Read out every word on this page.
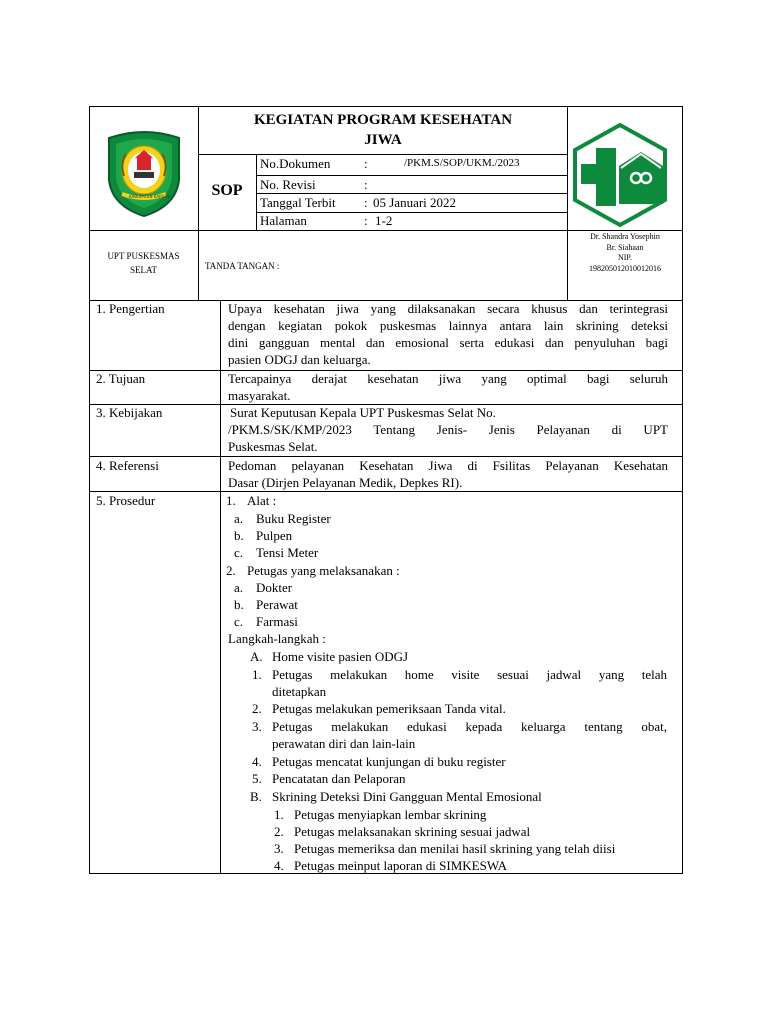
KEGIATAN PROGRAM KESEHATAN
JIWA
SOP
No.Dokumen	:	/PKM.S/SOP/UKM./2023
No. Revisi	:
Tanggal Terbit : 05 Januari 2022
Halaman	: 1-2
KABUPATEN KAPUAS
UPT PUSKESMAS
SELAT	TANDA TANGAN :
Dr. Shandra Yosephin
Br. Siahaan
NIP.
198205012010012016
1. Pengertian	Upaya kesehatan jiwa yang dilaksanakan secara khusus dan terintegrasi
dengan kegiatan pokok puskesmas lainnya antara lain skrining deteksi
dini gangguan mental dan emosional serta edukasi dan penyuluhan bagi
pasien ODGJ dan keluarga.
2. Tujuan	Tercapainya derajat kesehatan jiwa yang optimal bagi seluruh
masyarakat.
3. Kebijakan	Surat Keputusan Kepala UPT Puskesmas Selat No.
/PKM.S/SK/KMP/2023 Tentang Jenis- Jenis Pelayanan di UPT
Puskesmas Selat.
4. Referensi	Pedoman pelayanan Kesehatan Jiwa di Fsilitas Pelayanan Kesehatan
Dasar (Dirjen Pelayanan Medik, Depkes RI).
5. Prosedur	1. Alat :
a. Buku Register
b. Pulpen
c. Tensi Meter
2. Petugas yang melaksanakan :
a. Dokter
b. Perawat
c. Farmasi
Langkah-langkah :
A. Home visite pasien ODGJ
1. Petugas melakukan home visite sesuai jadwal yang telah
ditetapkan
2. Petugas melakukan pemeriksaan Tanda vital.
3. Petugas melakukan edukasi kepada keluarga tentang obat,
perawatan diri dan lain-lain
4. Petugas mencatat kunjungan di buku register
5. Pencatatan dan Pelaporan
B. Skrining Deteksi Dini Gangguan Mental Emosional
1. Petugas menyiapkan lembar skrining
2. Petugas melaksanakan skrining sesuai jadwal
3. Petugas memeriksa dan menilai hasil skrining yang telah diisi
4. Petugas meinput laporan di SIMKESWA
